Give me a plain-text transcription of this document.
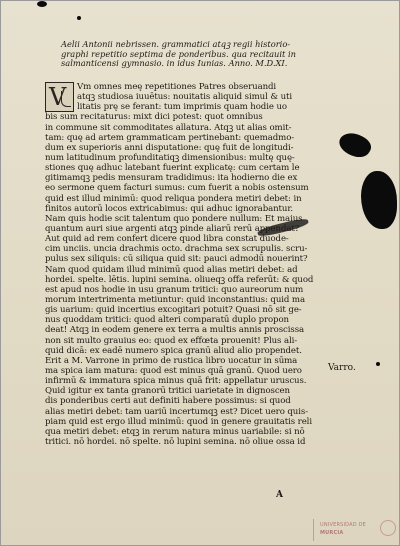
Aelii Antonii nebrissen. grammatici atqꝫ regii historio-
graphi repetitio septima de ponderibus. qua recitauit in
salmanticensi gymnasio. in idus Iunias. Anno. M.D.XI.
Vm omnes meę repetitiones Patres obseruandi
atqꝫ studiosa iuuētus: nouitatis aliquid simul & uti
litatis prę se ferant: tum imprimis quam hodie uo
bis sum recitaturus: mixt dici potest: quot omnibus
in commune sit commoditates allatura. Atqꝫ ut alias omit-
tam: quę ad artem grammaticam pertinebant: quemadmo-
dum ex superioris anni disputatione: quę fuit de longitudi-
num latitudinum profunditatiqꝫ dimensionibus: multę quę-
stiones quę adhuc latebant fuerint explicatę: cum certam le
gitimamqꝫ pedis mensuram tradidimus: ita hodierno die ex
eo sermone quem facturi sumus: cum fuerit a nobis ostensum
quid est illud minimū: quod reliqua pondera metiri debet: in
finitos autorū locos extricabimus: qui adhuc ignorabantur.
Nam quis hodie scit talentum quo pondere nullum: Et maius
quantum auri siue argenti atqꝫ pinde aliarū rerū appendat?
Aut quid ad rem confert dicere quod libra constat duode-
cim unciis. uncia drachmis octo. drachma sex scrupulis. scru-
pulus sex siliquis: cū siliqua quid sit: pauci admodū nouerint?
Nam quod quidam illud minimū quod alias metiri debet: ad
hordei. spelte. lētis. lupini semina. oliueqꝫ offa referūt: & quod
est apud nos hodie in usu granum tritici: quo aureorum num
morum intertrimenta metiuntur: quid inconstantius: quid ma
gis uarium: quid incertius excogitari potuit? Quasi nō sit ge-
nus quoddam tritici: quod alteri comparatū duplo propon
deat! Atqꝫ in eodem genere ex terra a multis annis proscissa
non sit multo grauius eo: quod ex effœta prouenit! Plus ali-
quid dicā: ex eadē numero spica granū aliud alio propendet.
Erit a M. Varrone in primo de rustica libro uocatur in sūma
ma spica iam matura: quod est minus quā granū. Quod uero
infirmū & immatura spica minus quā frit: appellatur uruscus.
Quid igitur ex tanta granorū tritici uarietate in dignoscen
dis ponderibus certi aut definiti habere possimus: si quod
alias metiri debet: tam uariū incertumqꝫ est? Dicet uero quis-
piam quid est ergo illud minimū: quod in genere grauitatis reli
qua metiri debet: etqꝫ in rerum natura minus uariabile: si nō
tritici. nō hordei. nō spelte. nō lupini semina. nō oliue ossa id
V
Varro.
A
UNIVERSIDAD DE
MURCIA
